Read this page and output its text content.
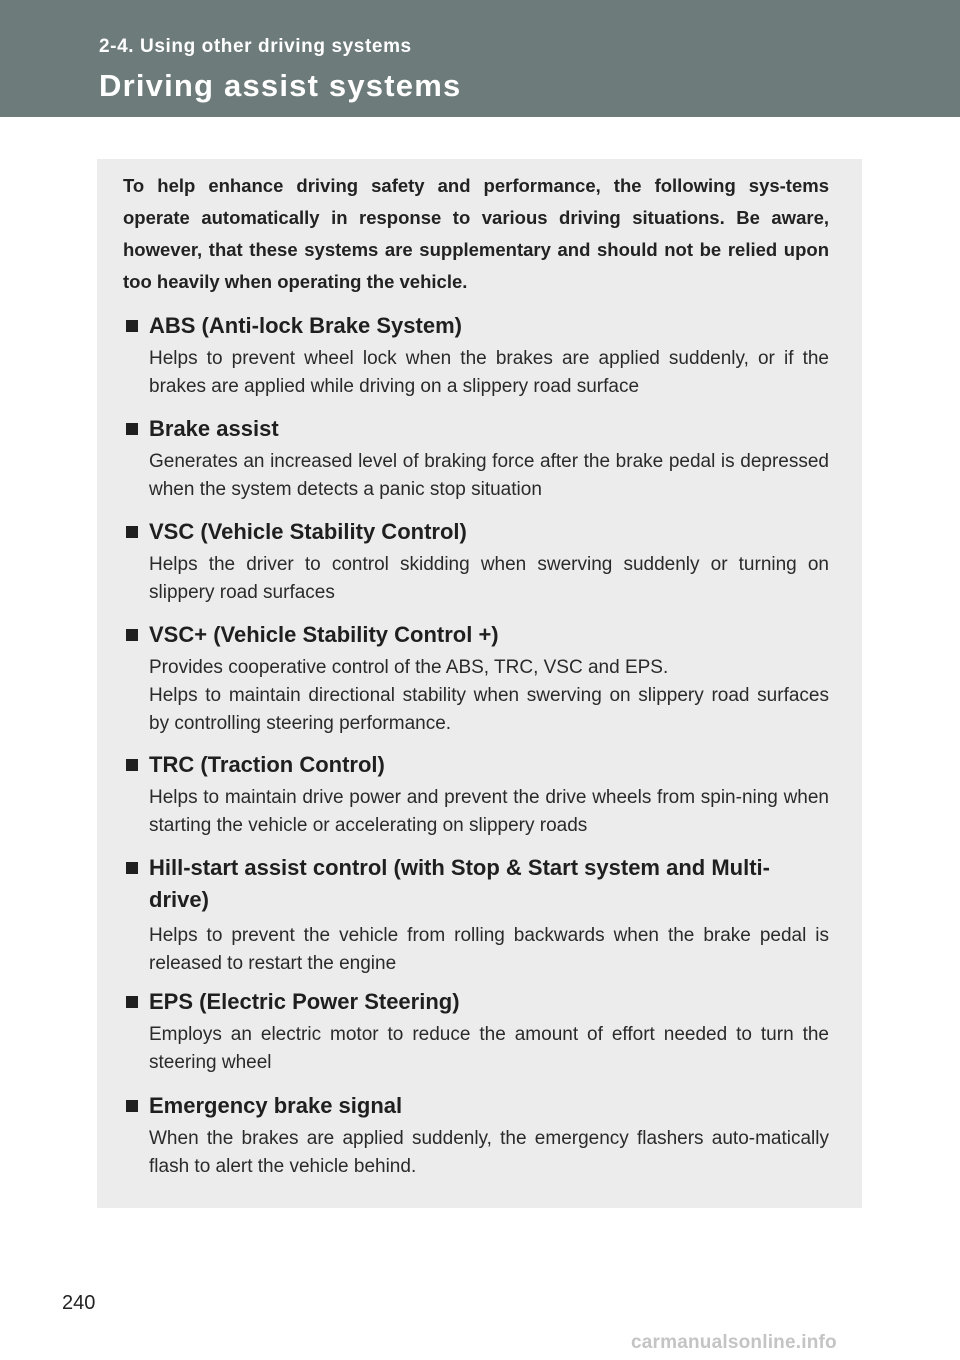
2-4. Using other driving systems
Driving assist systems
To help enhance driving safety and performance, the following sys-tems operate automatically in response to various driving situations. Be aware, however, that these systems are supplementary and should not be relied upon too heavily when operating the vehicle.
ABS (Anti-lock Brake System)
Helps to prevent wheel lock when the brakes are applied suddenly, or if the brakes are applied while driving on a slippery road surface
Brake assist
Generates an increased level of braking force after the brake pedal is depressed when the system detects a panic stop situation
VSC (Vehicle Stability Control)
Helps the driver to control skidding when swerving suddenly or turning on slippery road surfaces
VSC+ (Vehicle Stability Control +)
Provides cooperative control of the ABS, TRC, VSC and EPS.
Helps to maintain directional stability when swerving on slippery road surfaces by controlling steering performance.
TRC (Traction Control)
Helps to maintain drive power and prevent the drive wheels from spin-ning when starting the vehicle or accelerating on slippery roads
Hill-start assist control (with Stop & Start system and Multi-drive)
Helps to prevent the vehicle from rolling backwards when the brake pedal is released to restart the engine
EPS (Electric Power Steering)
Employs an electric motor to reduce the amount of effort needed to turn the steering wheel
Emergency brake signal
When the brakes are applied suddenly, the emergency flashers auto-matically flash to alert the vehicle behind.
240
carmanualsonline.info
